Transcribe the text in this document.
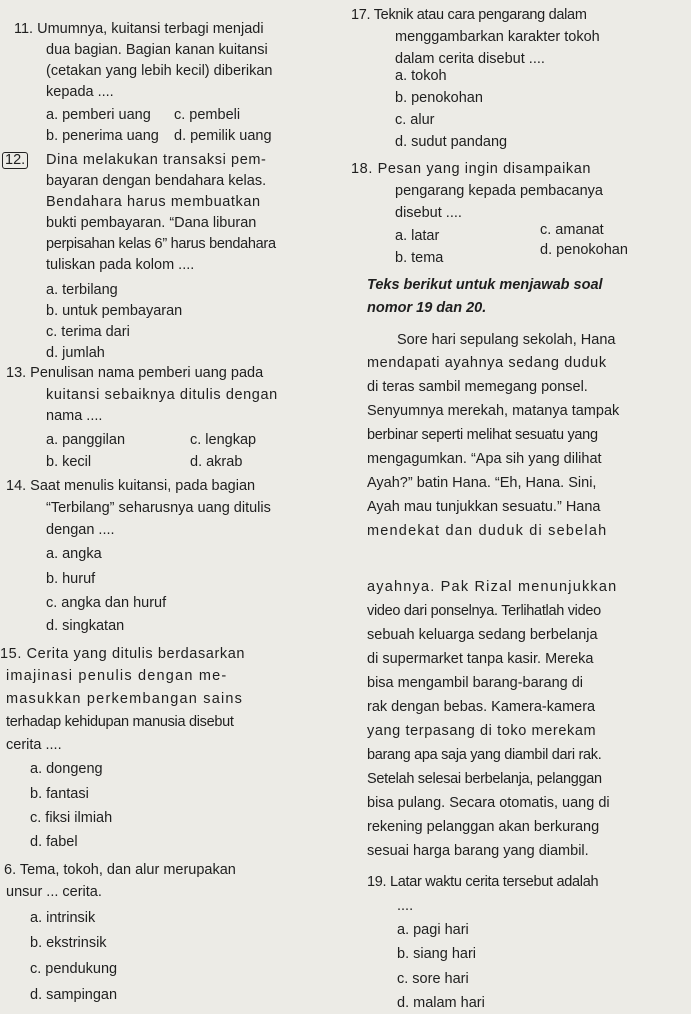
11. Umumnya, kuitansi terbagi menjadi
dua bagian. Bagian kanan kuitansi
(cetakan yang lebih kecil) diberikan
kepada ....
a. pemberi uang c. pembeli
b. penerima uang d. pemilik uang
12. Dina melakukan transaksi pem-
bayaran dengan bendahara kelas.
Bendahara harus membuatkan
bukti pembayaran. “Dana liburan
perpisahan kelas 6” harus bendahara
tuliskan pada kolom ....
a. terbilang
b. untuk pembayaran
c. terima dari
d. jumlah
13. Penulisan nama pemberi uang pada
kuitansi sebaiknya ditulis dengan
nama ....
a. panggilan	c. lengkap
b. kecil	d. akrab
14. Saat menulis kuitansi, pada bagian
“Terbilang” seharusnya uang ditulis
dengan ....
a. angka
b. huruf
c. angka dan huruf
d. singkatan
15. Cerita yang ditulis berdasarkan
imajinasi penulis dengan me-
masukkan perkembangan sains
terhadap kehidupan manusia disebut
cerita ....
a. dongeng
b. fantasi
c. fiksi ilmiah
d. fabel
6. Tema, tokoh, dan alur merupakan
unsur ... cerita.
a. intrinsik
b. ekstrinsik
c. pendukung
d. sampingan
17. Teknik atau cara pengarang dalam
menggambarkan karakter tokoh
dalam cerita disebut ....
a. tokoh
b. penokohan
c. alur
d. sudut pandang
18. Pesan yang ingin disampaikan
pengarang kepada pembacanya
disebut ....
c. amanat
a. latar
d. penokohan
b. tema
Teks berikut untuk menjawab soal
nomor 19 dan 20.
Sore hari sepulang sekolah, Hana
mendapati ayahnya sedang duduk
di teras sambil memegang ponsel.
Senyumnya merekah, matanya tampak
berbinar seperti melihat sesuatu yang
mengagumkan. “Apa sih yang dilihat
Ayah?” batin Hana. “Eh, Hana. Sini,
Ayah mau tunjukkan sesuatu.” Hana
mendekat dan duduk di sebelah
ayahnya. Pak Rizal menunjukkan
video dari ponselnya. Terlihatlah video
sebuah keluarga sedang berbelanja
di supermarket tanpa kasir. Mereka
bisa mengambil barang-barang di
rak dengan bebas. Kamera-kamera
yang terpasang di toko merekam
barang apa saja yang diambil dari rak.
Setelah selesai berbelanja, pelanggan
bisa pulang. Secara otomatis, uang di
rekening pelanggan akan berkurang
sesuai harga barang yang diambil.
19. Latar waktu cerita tersebut adalah
....
a. pagi hari
b. siang hari
c. sore hari
d. malam hari
